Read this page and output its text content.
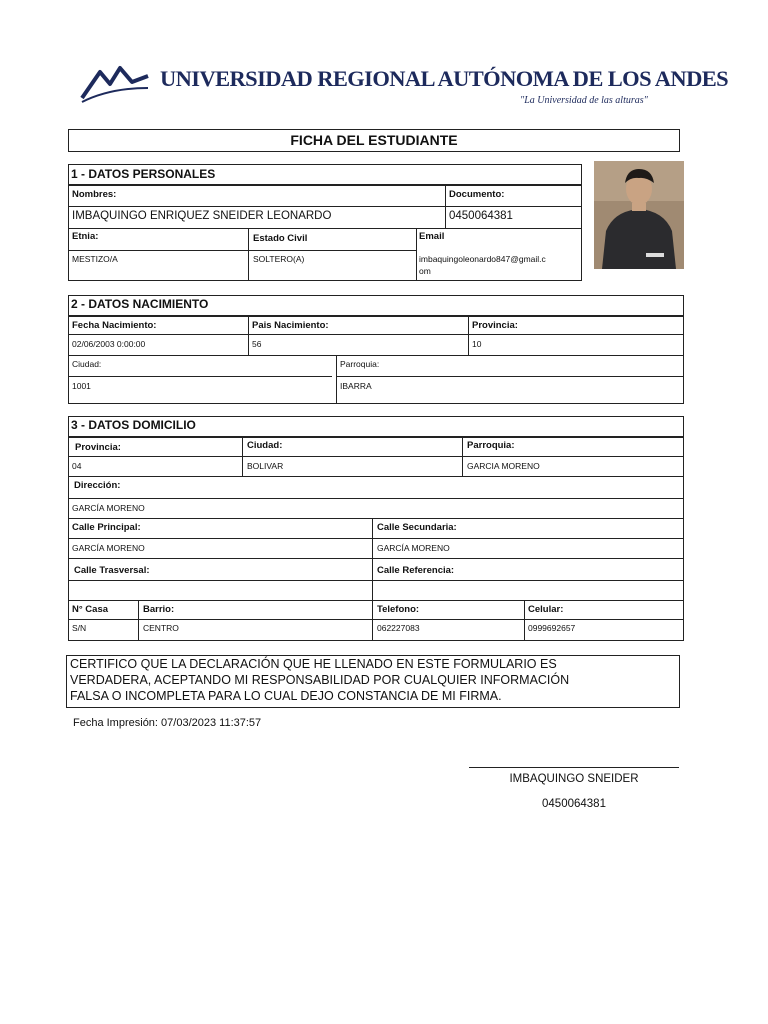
UNIVERSIDAD REGIONAL AUTÓNOMA DE LOS ANDES
"La Universidad de las alturas"
FICHA DEL ESTUDIANTE
1 - DATOS PERSONALES
Nombres:	Documento:
IMBAQUINGO ENRIQUEZ SNEIDER LEONARDO	0450064381
Etnia:	Estado Civil	Email
MESTIZO/A	SOLTERO(A)	imbaquingoleonardo847@gmail.c
om
2 - DATOS NACIMIENTO
Fecha Nacimiento:	Pais Nacimiento:	Provincia:
02/06/2003 0:00:00	56	10
Ciudad:	Parroquia:
1001	IBARRA
3 - DATOS DOMICILIO
Provincia:	Ciudad:	Parroquia:
04	BOLIVAR	GARCIA MORENO
Dirección:
GARCÍA MORENO
Calle Principal:	Calle Secundaria:
GARCÍA MORENO	GARCÍA MORENO
Calle Trasversal:	Calle Referencia:
N° Casa	Barrio:	Telefono:	Celular:
S/N	CENTRO	062227083	0999692657
CERTIFICO QUE LA DECLARACIÓN QUE HE LLENADO EN ESTE FORMULARIO ES
VERDADERA, ACEPTANDO MI RESPONSABILIDAD POR CUALQUIER INFORMACIÓN
FALSA O INCOMPLETA PARA LO CUAL DEJO CONSTANCIA DE MI FIRMA.
Fecha Impresión: 07/03/2023 11:37:57
IMBAQUINGO SNEIDER
0450064381
